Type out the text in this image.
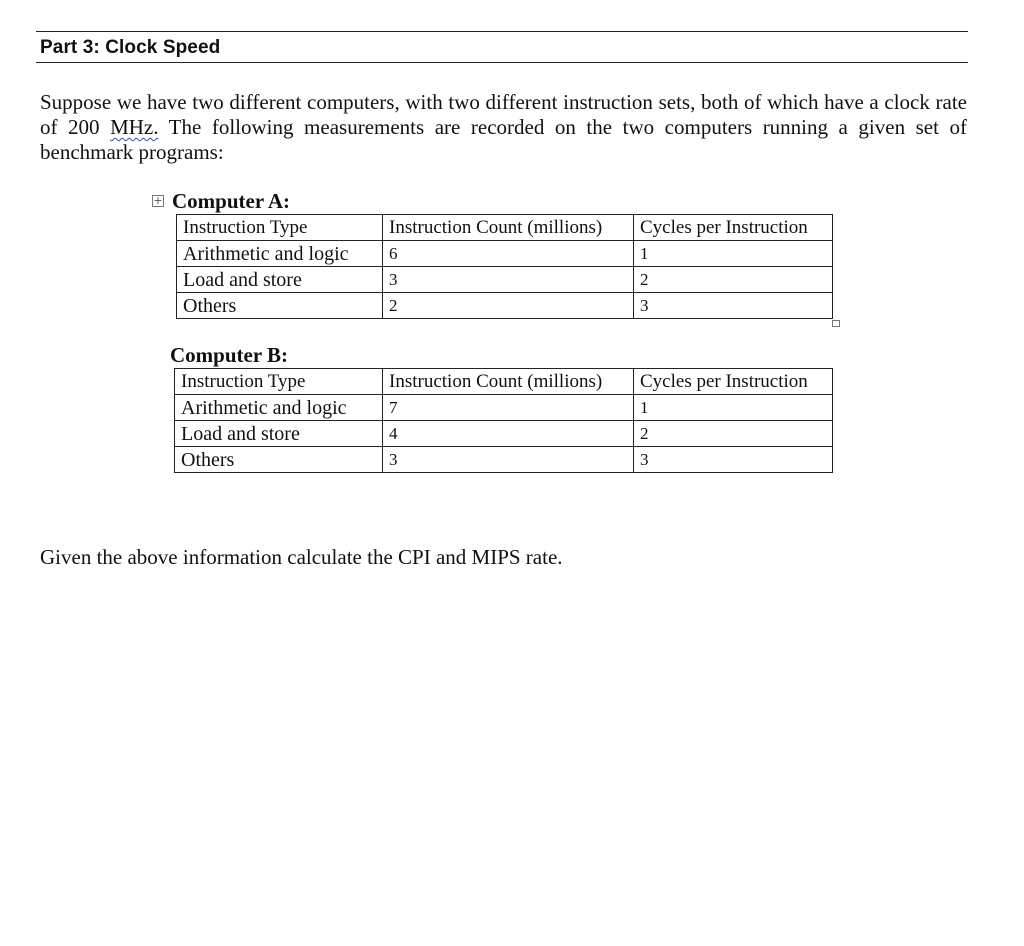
Part 3: Clock Speed

Suppose we have two different computers, with two different instruction sets, both of which have a clock rate of 200 MHz. The following measurements are recorded on the two computers running a given set of benchmark programs:

+ Computer A:
Instruction Type	Instruction Count (millions)	Cycles per Instruction
Arithmetic and logic	6	1
Load and store	3	2
Others	2	3
Computer B:
Instruction Type	Instruction Count (millions)	Cycles per Instruction
Arithmetic and logic	7	1
Load and store	4	2
Others	3	3
Given the above information calculate the CPI and MIPS rate.
